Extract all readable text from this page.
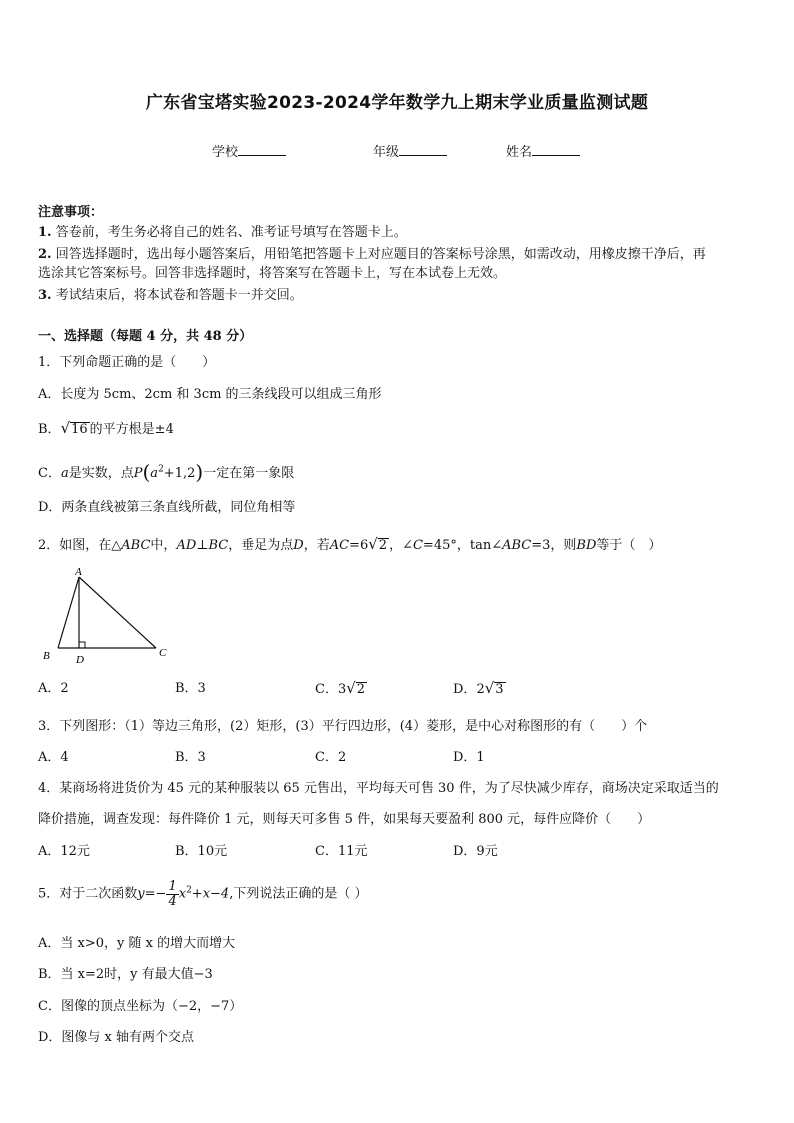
广东省宝塔实验2023-2024学年数学九上期末学业质量监测试题
学校	年级	姓名
注意事项：
1. 答卷前，考生务必将自己的姓名、准考证号填写在答题卡上。
2. 回答选择题时，选出每小题答案后，用铅笔把答题卡上对应题目的答案标号涂黑，如需改动，用橡皮擦干净后，再
选涂其它答案标号。回答非选择题时，将答案写在答题卡上，写在本试卷上无效。
3. 考试结束后，将本试卷和答题卡一并交回。
一、选择题（每题 4 分，共 48 分）
1．下列命题正确的是（　　）
A．长度为 5cm、2cm 和 3cm 的三条线段可以组成三角形
B．√16 的平方根是±4
C．a是实数，点$P(a^2+1,2)$一定在第一象限
D．两条直线被第三条直线所截，同位角相等
2．如图，在△ABC中，AD⊥BC，垂足为点D，若AC=6√2 ，∠C=45°，tan∠ABC=3，则BD等于（　）
A
B	C
D
A．2	B．3	C．3√2	D．2√3
3．下列图形：（1）等边三角形，(2）矩形，(3）平行四边形，(4）菱形，是中心对称图形的有（　　）个
A．4	B．3	C．2	D．1
4．某商场将进货价为 45 元的某种服装以 65 元售出，平均每天可售 30 件，为了尽快减少库存，商场决定采取适当的
降价措施，调查发现：每件降价 1 元，则每天可多售 5 件，如果每天要盈利 800 元，每件应降价（　　）
A．12元	B．10元	C．11元	D．9元
5．对于二次函数$y=- \frac{1}{4} x^2+x-4$,下列说法正确的是（ ）
A．当 x>0，y 随 x 的增大而增大
B．当 x=2时，y 有最大值−3
C．图像的顶点坐标为（−2，−7）
D．图像与 x 轴有两个交点
